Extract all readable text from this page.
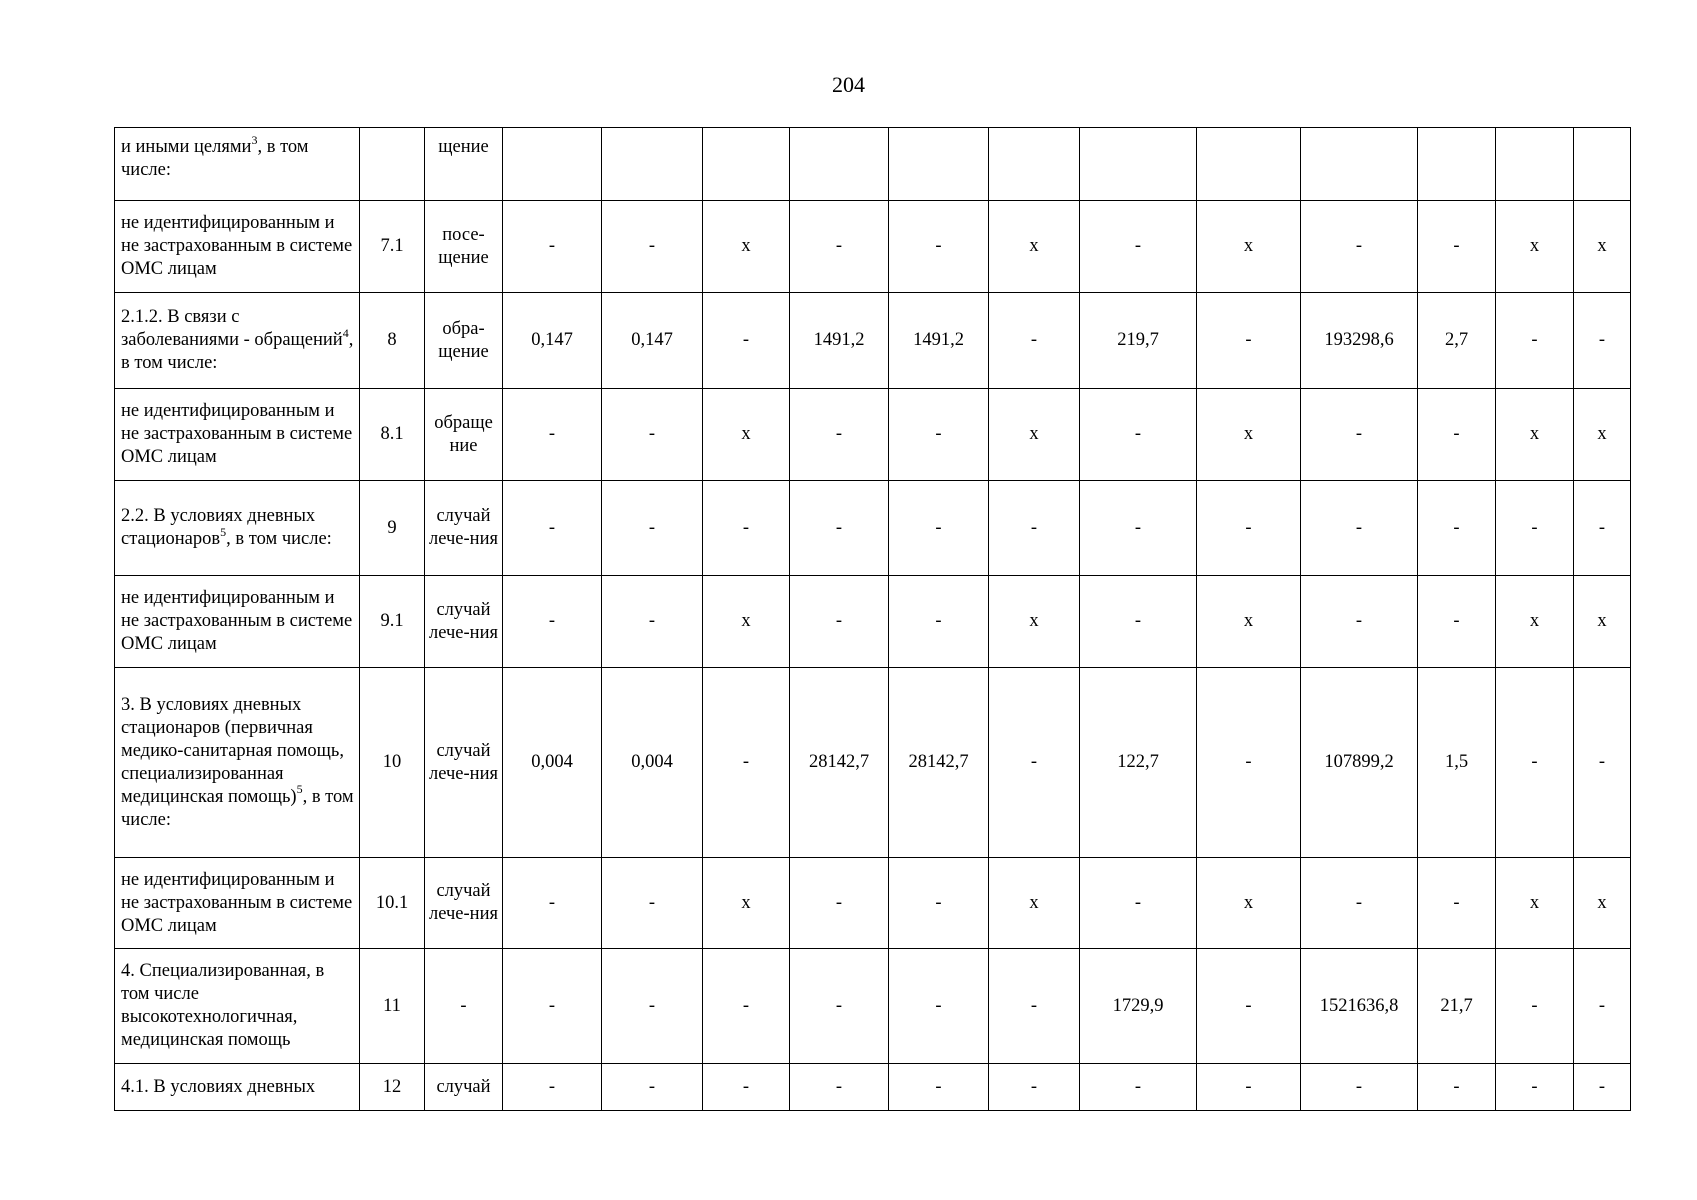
204
и иными целями$^3$, в том числе:		щение												
не идентифицированным и не застрахованным в системе ОМС лицам	7.1	посе-щение	-	-	х	-	-	х	-	х	-	-	х	х
2.1.2. В связи с заболеваниями - обращений$^4$, в том числе:	8	обра-щение	0,147	0,147	-	1491,2	1491,2	-	219,7	-	193298,6	2,7	-	-
не идентифицированным и не застрахованным в системе ОМС лицам	8.1	обраще ние	-	-	х	-	-	х	-	х	-	-	х	х
2.2. В условиях дневных стационаров$^5$, в том числе:	9	случай лече-ния	-	-	-	-	-	-	-	-	-	-	-	-
не идентифицированным и не застрахованным в системе ОМС лицам	9.1	случай лече-ния	-	-	х	-	-	х	-	х	-	-	х	х
3. В условиях дневных стационаров (первичная медико-санитарная помощь, специализированная медицинская помощь)$^5$, в том числе:	10	случай лече-ния	0,004	0,004	-	28142,7	28142,7	-	122,7	-	107899,2	1,5	-	-
не идентифицированным и не застрахованным в системе ОМС лицам	10.1	случай лече-ния	-	-	х	-	-	х	-	х	-	-	х	х
4. Специализированная, в том числе высокотехнологичная, медицинская помощь	11	-	-	-	-	-	-	-	1729,9	-	1521636,8	21,7	-	-
4.1. В условиях дневных	12	случай	-	-	-	-	-	-	-	-	-	-	-	-
